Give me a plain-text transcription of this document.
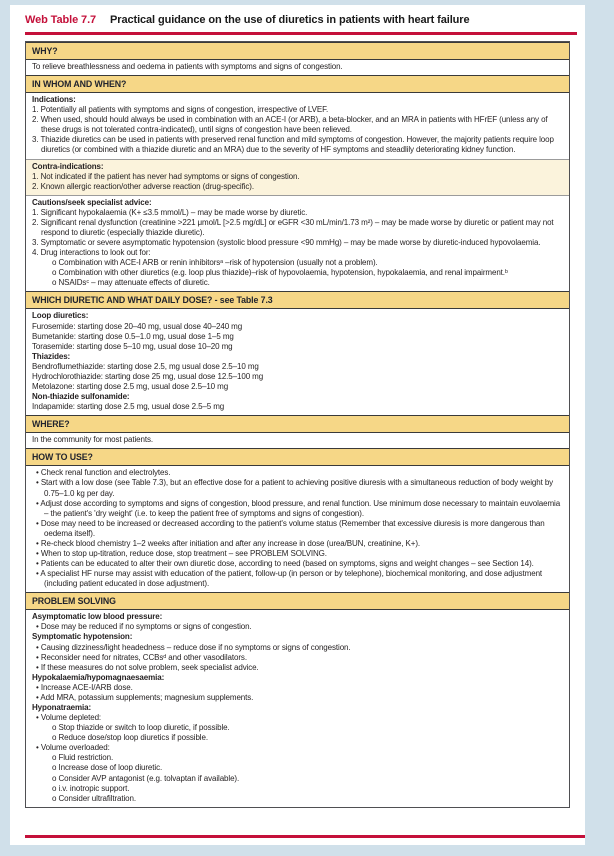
Web Table 7.7 Practical guidance on the use of diuretics in patients with heart failure
WHY?
To relieve breathlessness and oedema in patients with symptoms and signs of congestion.
IN WHOM AND WHEN?
Indications:
1. Potentially all patients with symptoms and signs of congestion, irrespective of LVEF.
2. When used, should hould always be used in combination with an ACE-I (or ARB), a beta-blocker, and an MRA in patients with HFrEF (unless any of these drugs is not tolerated contra-indicated), until signs of congestion have been relieved.
3. Thiazide diuretics can be used in patients with preserved renal function and mild symptoms of congestion. However, the majority patients require loop diuretics (or combined with a thiazide diuretic and an MRA) due to the severity of HF symptoms and steadlily deteriorating kidney function.
Contra-indications:
1. Not indicated if the patient has never had symptoms or signs of congestion.
2. Known allergic reaction/other adverse reaction (drug-specific).
Cautions/seek specialist advice:
1. Significant hypokalaemia (K+ ≤3.5 mmol/L) – may be made worse by diuretic.
2. Significant renal dysfunction (creatinine >221 μmol/L [>2.5 mg/dL] or eGFR <30 mL/min/1.73 m²) – may be made worse by diuretic or patient may not respond to diuretic (especially thiazide diuretic).
3. Symptomatic or severe asymptomatic hypotension (systolic blood pressure <90 mmHg) – may be made worse by diuretic-induced hypovolaemia.
4. Drug interactions to look out for:
o Combination with ACE-I ARB or renin inhibitorsᵃ –risk of hypotension (usually not a problem).
o Combination with other diuretics (e.g. loop plus thiazide)–risk of hypovolaemia, hypotension, hypokalaemia, and renal impairment.ᵇ
o NSAIDsᶜ – may attenuate effects of diuretic.
WHICH DIURETIC AND WHAT DAILY DOSE? - see Table 7.3
Loop diuretics:
Furosemide: starting dose 20–40 mg, usual dose 40–240 mg
Bumetanide: starting dose 0.5–1.0 mg, usual dose 1–5 mg
Torasemide: starting dose 5–10 mg, usual dose 10–20 mg
Thiazides:
Bendroflumethiazide: starting dose 2.5, mg usual dose 2.5–10 mg
Hydrochlorothiazide: starting dose 25 mg, usual dose 12.5–100 mg
Metolazone: starting dose 2.5 mg, usual dose 2.5–10 mg
Non-thiazide sulfonamide:
Indapamide: starting dose 2.5 mg, usual dose 2.5–5 mg
WHERE?
In the community for most patients.
HOW TO USE?
• Check renal function and electrolytes.
• Start with a low dose (see Table 7.3), but an effective dose for a patient to achieving positive diuresis with a simultaneous reduction of body weight by 0.75–1.0 kg per day.
• Adjust dose according to symptoms and signs of congestion, blood pressure, and renal function. Use minimum dose necessary to maintain euvolaemia – the patient's 'dry weight' (i.e. to keep the patient free of symptoms and signs of congestion).
• Dose may need to be increased or decreased according to the patient's volume status (Remember that excessive diuresis is more dangerous than oedema itself).
• Re-check blood chemistry 1–2 weeks after initiation and after any increase in dose (urea/BUN, creatinine, K+).
• When to stop up-titration, reduce dose, stop treatment – see PROBLEM SOLVING.
• Patients can be educated to alter their own diuretic dose, according to need (based on symptoms, signs and weight changes – see Section 14).
• A specialist HF nurse may assist with education of the patient, follow-up (in person or by telephone), biochemical monitoring, and dose adjustment (including patient educated in dose adjustment).
PROBLEM SOLVING
Asymptomatic low blood pressure:
• Dose may be reduced if no symptoms or signs of congestion.
Symptomatic hypotension:
• Causing dizziness/light headedness – reduce dose if no symptoms or signs of congestion.
• Reconsider need for nitrates, CCBsᵈ and other vasodilators.
• If these measures do not solve problem, seek specialist advice.
Hypokalaemia/hypomagnaesaemia:
• Increase ACE-I/ARB dose.
• Add MRA, potassium supplements; magnesium supplements.
Hyponatraemia:
• Volume depleted:
o Stop thiazide or switch to loop diuretic, if possible.
o Reduce dose/stop loop diuretics if possible.
• Volume overloaded:
o Fluid restriction.
o Increase dose of loop diuretic.
o Consider AVP antagonist (e.g. tolvaptan if available).
o i.v. inotropic support.
o Consider ultrafiltration.
